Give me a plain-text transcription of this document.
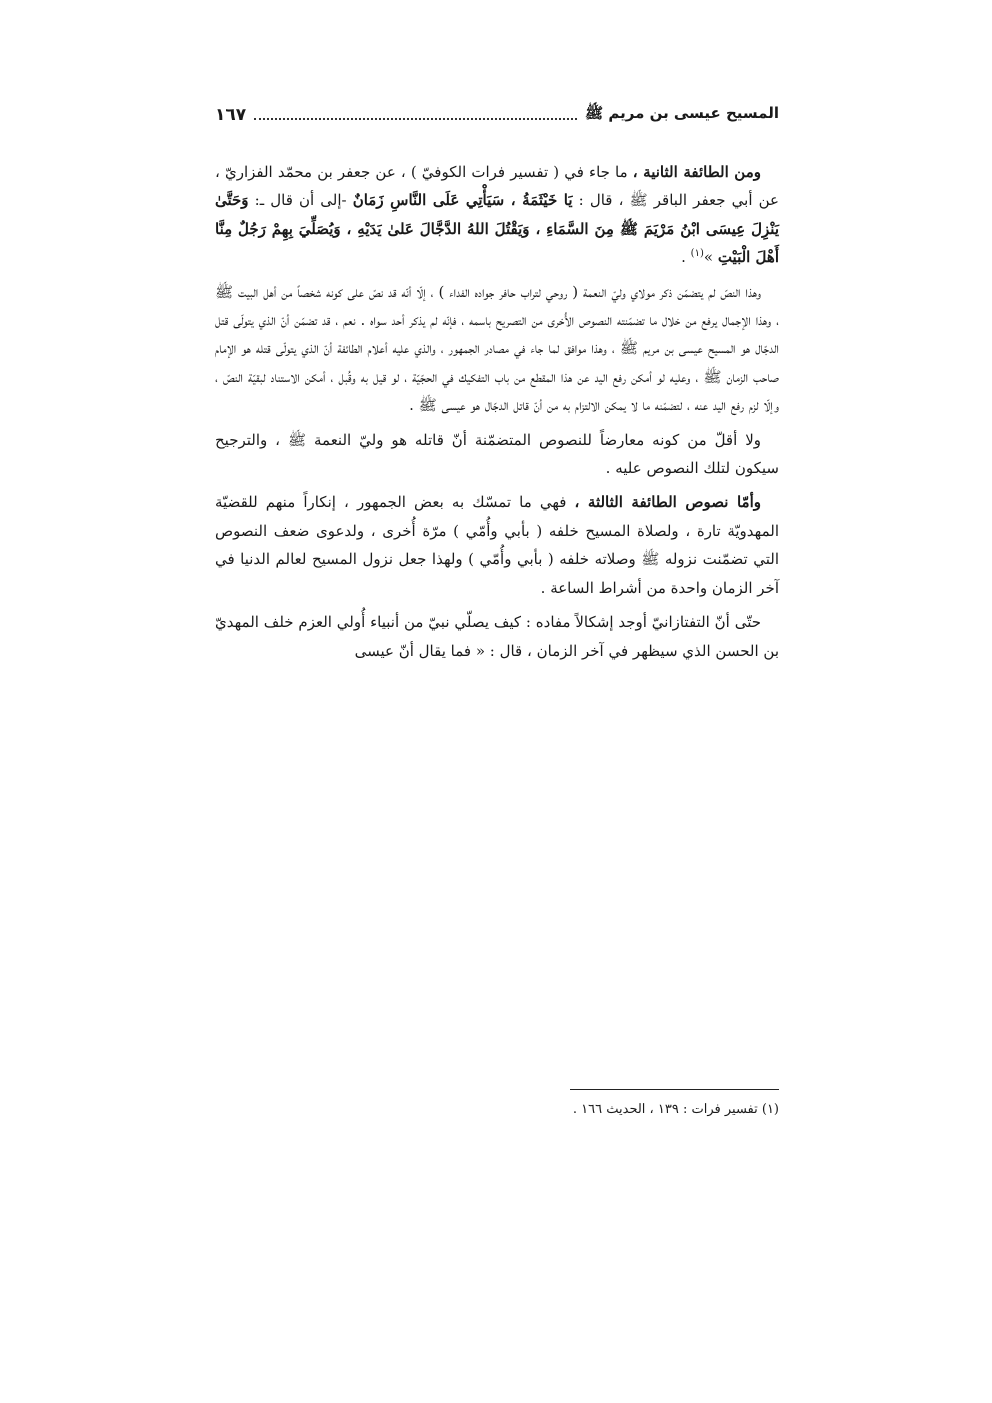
المسيح عيسى بن مريم ﷺ
١٦٧

ومن الطائفة الثانية ، ما جاء في ( تفسير فرات الكوفيّ ) ، عن جعفر بن محمّد الفزاريّ ، عن أبي جعفر الباقر ﷺ ، قال : يَا خَيْثَمَةُ ، سَيَأْتِي عَلَى النَّاسِ زَمَانٌ -إلى أن قال ـ: وَحَتَّىٰ يَنْزِلَ عِيسَى ابْنُ مَرْيَمَ ﷺ مِنَ السَّمَاءِ ، وَيَقْتُلَ اللهُ الدَّجَّالَ عَلىٰ يَدَيْهِ ، وَيُصَلِّيَ بِهِمْ رَجُلٌ مِنَّا أَهْلَ الْبَيْتِ »$^{(١)}$ .

وهذا النصّ لم يتضمّن ذكر مولاي وليّ النعمة ( روحي لتراب حافر جواده الفداء ) ، إلّا أنّه قد نصّ على كونه شخصاً من أهل البيت ﷺ ، وهذا الإجمال يرفع من خلال ما تضمّنته النصوص الأُخرى من التصريح باسمه ، فإنّه لم يذكر أحد سواه . نعم ، قد تضمّن أنّ الذي يتولّى قتل الدجّال هو المسيح عيسى بن مريم ﷺ ، وهذا موافق لما جاء في مصادر الجمهور ، والذي عليه أعلام الطائفة أنّ الذي يتولّى قتله هو الإمام صاحب الزمان ﷺ ، وعليه لو أمكن رفع اليد عن هذا المقطع من باب التفكيك في الحجّيّة ، لو قيل به وقُبل ، أمكن الاستناد لبقيّة النصّ ، وإلّا لزم رفع اليد عنه ، لتضمّنه ما لا يمكن الالتزام به من أنّ قاتل الدجّال هو عيسى ﷺ .

ولا أقلّ من كونه معارضاً للنصوص المتضمّنة أنّ قاتله هو وليّ النعمة ﷺ ، والترجيح سيكون لتلك النصوص عليه .

وأمّا نصوص الطائفة الثالثة ، فهي ما تمسّك به بعض الجمهور ، إنكاراً منهم للقضيّة المهدويّة تارة ، ولصلاة المسيح خلفه ( بأبي وأُمّي ) مرّة أُخرى ، ولدعوى ضعف النصوص التي تضمّنت نزوله ﷺ وصلاته خلفه ( بأبي وأُمّي ) ولهذا جعل نزول المسيح لعالم الدنيا في آخر الزمان واحدة من أشراط الساعة .

حتّى أنّ التفتازانيّ أوجد إشكالاً مفاده : كيف يصلّي نبيّ من أنبياء أُولي العزم خلف المهديّ بن الحسن الذي سيظهر في آخر الزمان ، قال : « فما يقال أنّ عيسى

(١) تفسير فرات : ١٣٩ ، الحديث ١٦٦ .
